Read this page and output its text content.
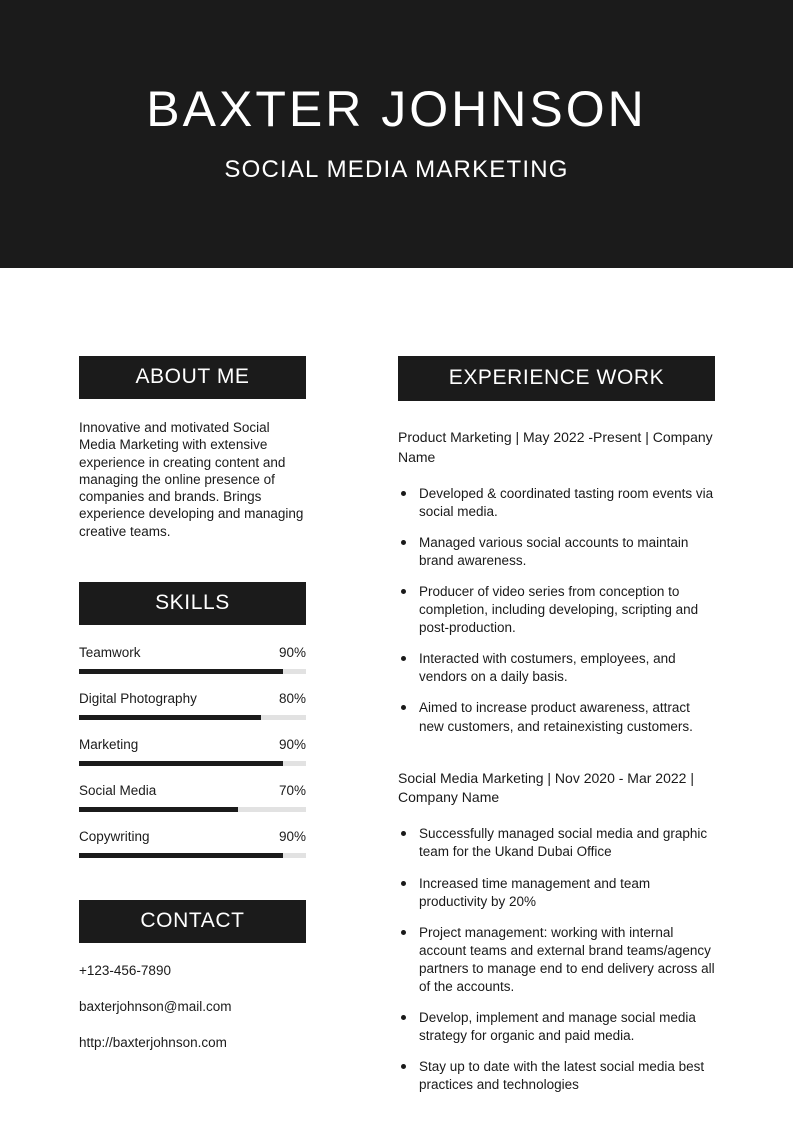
BAXTER JOHNSON
SOCIAL MEDIA MARKETING
ABOUT ME

Innovative and motivated Social Media Marketing with extensive experience in creating content and managing the online presence of companies and brands. Brings experience developing and managing creative teams.

SKILLS
Teamwork	90%
Digital Photography	80%
Marketing	90%
Social Media	70%
Copywriting	90%
CONTACT
+123-456-7890
baxterjohnson@mail.com
http://baxterjohnson.com
EXPERIENCE WORK

Product Marketing | May 2022 -Present | Company Name

Developed & coordinated tasting room events via social media.
Managed various social accounts to maintain brand awareness.
Producer of video series from conception to completion, including developing, scripting and post-production.
Interacted with costumers, employees, and vendors on a daily basis.
Aimed to increase product awareness, attract new customers, and retainexisting customers.

Social Media Marketing | Nov 2020 - Mar 2022 | Company Name

Successfully managed social media and graphic team for the Ukand Dubai Office
Increased time management and team productivity by 20%
Project management: working with internal account teams and external brand teams/agency partners to manage end to end delivery across all of the accounts.
Develop, implement and manage social media strategy for organic and paid media.
Stay up to date with the latest social media best practices and technologies
